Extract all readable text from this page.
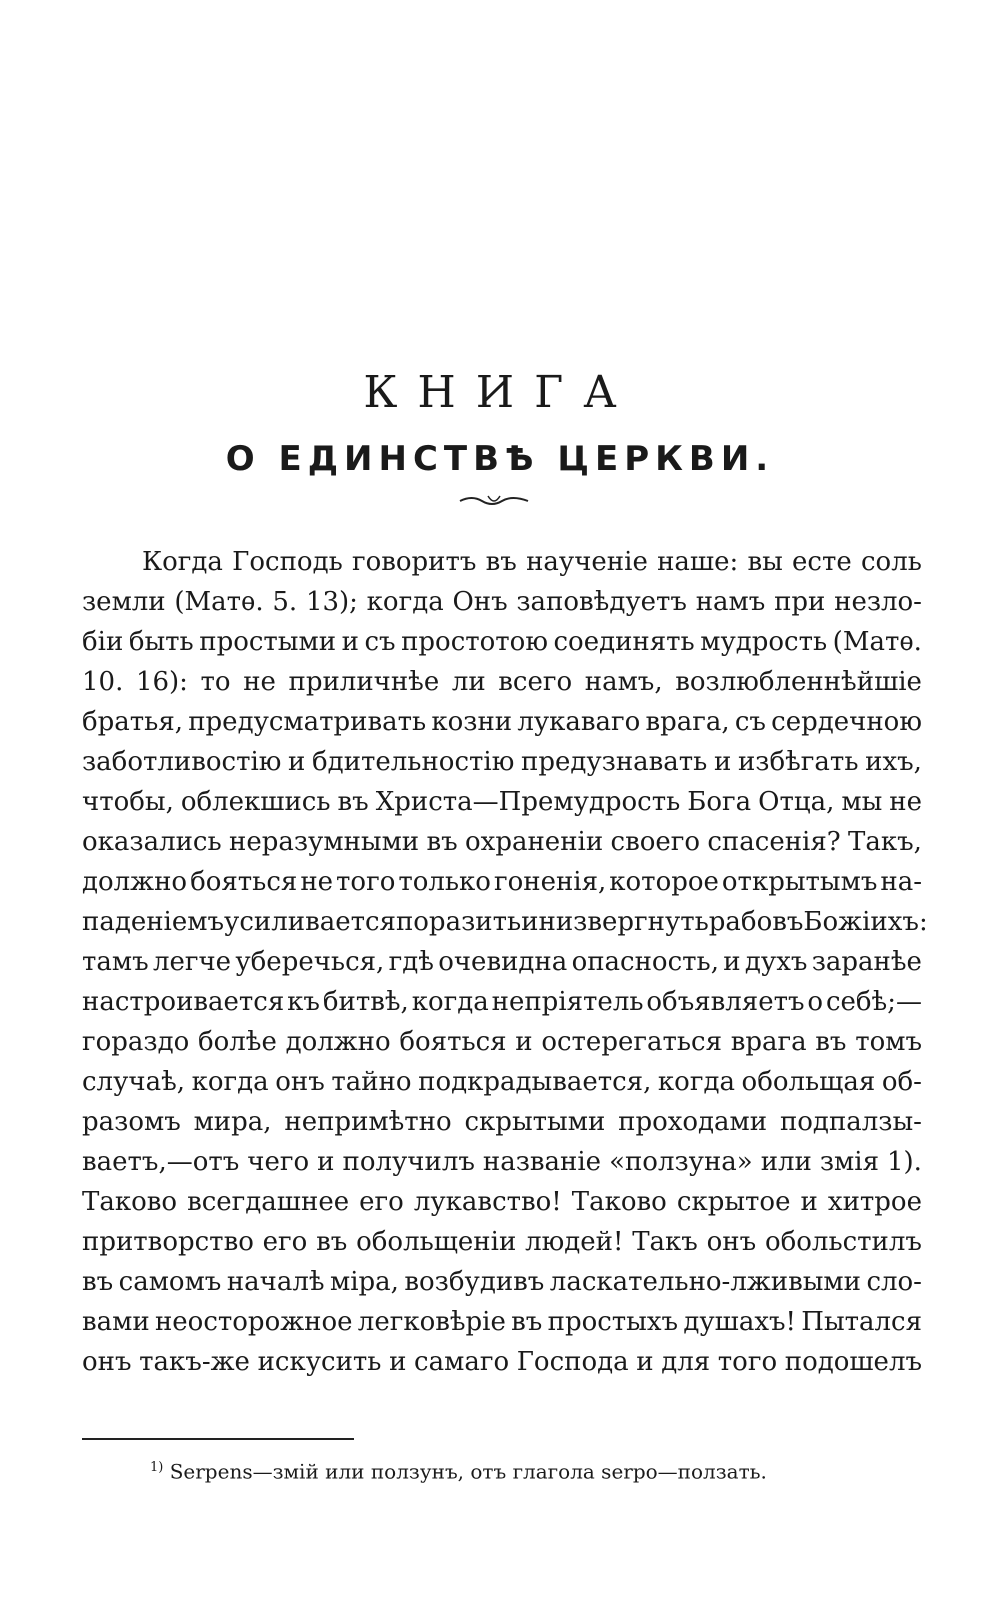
КНИГА
О ЕДИНСТВѢ ЦЕРКВИ.
Когда Господь говоритъ въ наученіе наше: вы есте соль
земли (Матѳ. 5. 13); когда Онъ заповѣдуетъ намъ при незло-
біи быть простыми и съ простотою соединять мудрость (Матѳ.
10. 16): то не приличнѣе ли всего намъ, возлюбленнѣйшіе
братья, предусматривать козни лукаваго врага, съ сердечною
заботливостію и бдительностію предузнавать и избѣгать ихъ,
чтобы, облекшись въ Христа—Премудрость Бога Отца, мы не
оказались неразумными въ охраненіи своего спасенія? Такъ,
должно бояться не того только гоненія, которое открытымъ на-
паденіемъ усиливается поразить и низвергнуть рабовъ Божіихъ:
тамъ легче уберечься, гдѣ очевидна опасность, и духъ заранѣе
настроивается къ битвѣ, когда непріятель объявляетъ о себѣ;—
гораздо болѣе должно бояться и остерегаться врага въ томъ
случаѣ, когда онъ тайно подкрадывается, когда обольщая об-
разомъ мира, непримѣтно скрытыми проходами подпалзы-
ваетъ,—отъ чего и получилъ названіе «ползуна» или змія 1).
Таково всегдашнее его лукавство! Таково скрытое и хитрое
притворство его въ обольщеніи людей! Такъ онъ обольстилъ
въ самомъ началѣ міра, возбудивъ ласкательно-лживыми сло-
вами неосторожное легковѣріе въ простыхъ душахъ! Пытался
онъ такъ-же искусить и самаго Господа и для того подошелъ
$^{1)}$ Serpens—змій или ползунъ, отъ глагола serpo—ползать.
